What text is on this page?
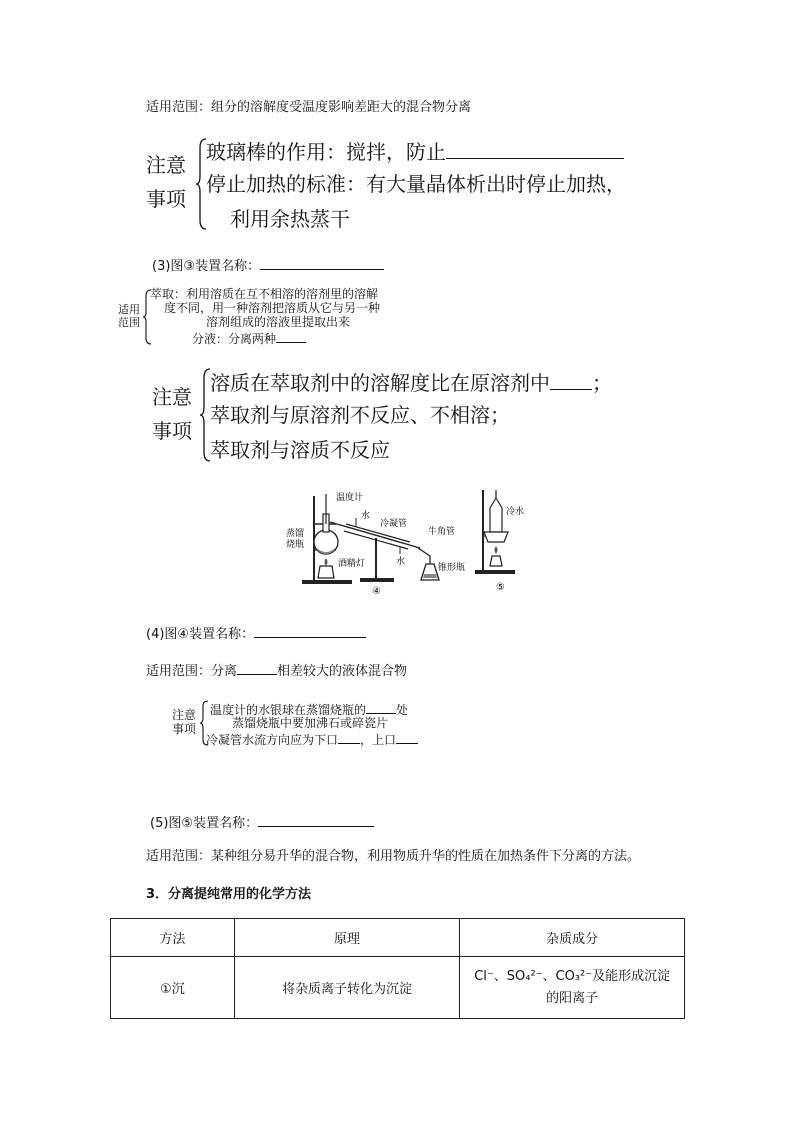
适用范围：组分的溶解度受温度影响差距大的混合物分离
注意
事项
玻璃棒的作用：搅拌，防止
停止加热的标准：有大量晶体析出时停止加热，
利用余热蒸干
(3)图③装置名称：
适用
范围
萃取：利用溶质在互不相溶的溶剂里的溶解
度不同，用一种溶剂把溶质从它与另一种
溶剂组成的溶液里提取出来
分液：分离两种
注意
事项
溶质在萃取剂中的溶解度比在原溶剂中 ；
萃取剂与原溶剂不反应、不相溶；
萃取剂与溶质不反应
温度计
水
冷凝管
牛角管
蒸馏
烧瓶
酒精灯	水
锥形瓶
④
冷水
⑤
(4)图④装置名称：
适用范围：分离	相差较大的液体混合物
注意
事项
温度计的水银球在蒸馏烧瓶的	处
蒸馏烧瓶中要加沸石或碎瓷片
冷凝管水流方向应为下口 ，上口
(5)图⑤装置名称：
适用范围：某种组分易升华的混合物，利用物质升华的性质在加热条件下分离的方法。
3．分离提纯常用的化学方法
方法	原理	杂质成分
①沉	将杂质离子转化为沉淀	Cl⁻、SO₄²⁻、CO₃²⁻及能形成沉淀
的阳离子
